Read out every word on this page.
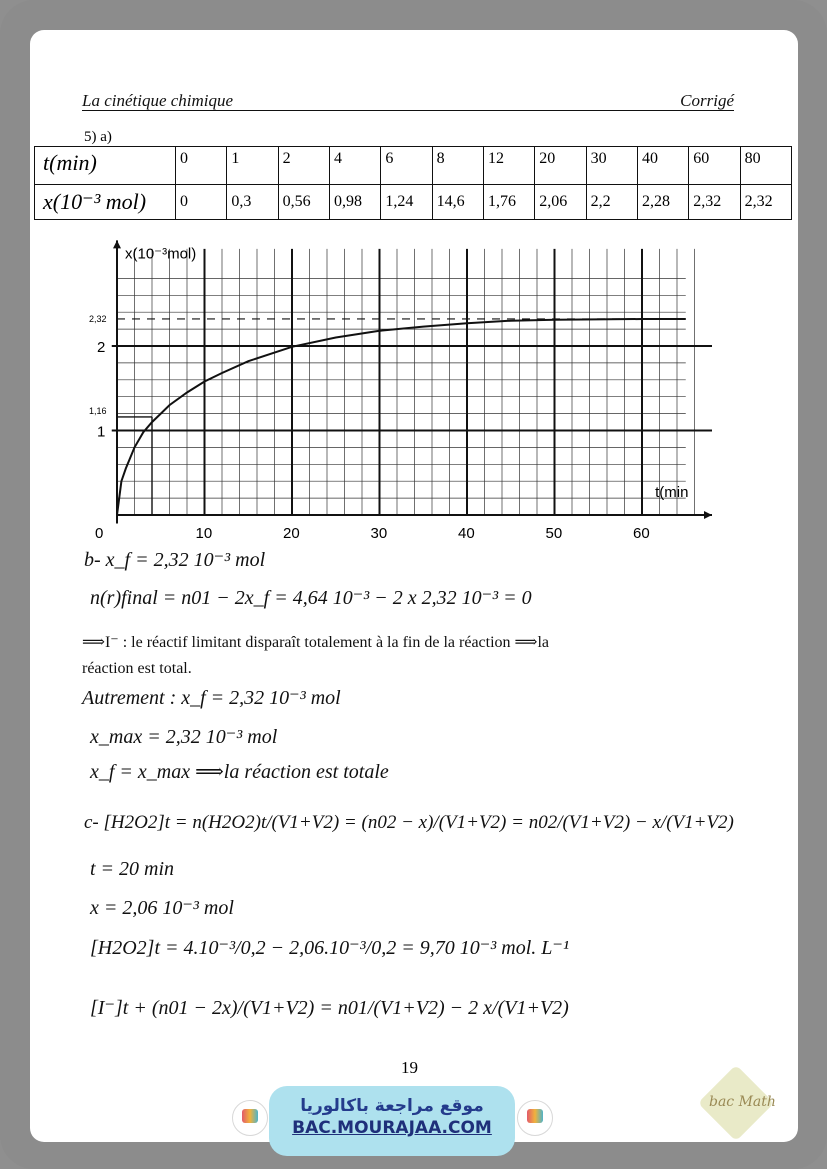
La cinétique chimique	Corrigé
5) a)
t(min)	0	1	2	4	6	8	12	20	30	40	60	80
x(10⁻³ mol)	0	0,3	0,56	0,98	1,24	14,6	1,76	2,06	2,2	2,28	2,32	2,32
2,32
1,16
0	10	20	30	40	50	60
1
2
x(10⁻³mol)
t(min
b- x_f = 2,32 10⁻³ mol
n(r)final = n01 − 2x_f = 4,64 10⁻³ − 2 x 2,32 10⁻³ = 0
⟹I⁻ : le réactif limitant disparaît totalement à la fin de la réaction ⟹la
réaction est total.
Autrement : x_f = 2,32 10⁻³ mol
x_max = 2,32 10⁻³ mol
x_f = x_max ⟹la réaction est totale
c- [H2O2]t = n(H2O2)t/(V1+V2) = (n02 − x)/(V1+V2) = n02/(V1+V2) − x/(V1+V2)
t = 20 min
x = 2,06 10⁻³ mol
[H2O2]t = 4.10⁻³/0,2 − 2,06.10⁻³/0,2 = 9,70 10⁻³ mol. L⁻¹
[I⁻]t + (n01 − 2x)/(V1+V2) = n01/(V1+V2) − 2 x/(V1+V2)
19
موقع مراجعة باكالوريا
BAC.MOURAJAA.COM
bac Math
